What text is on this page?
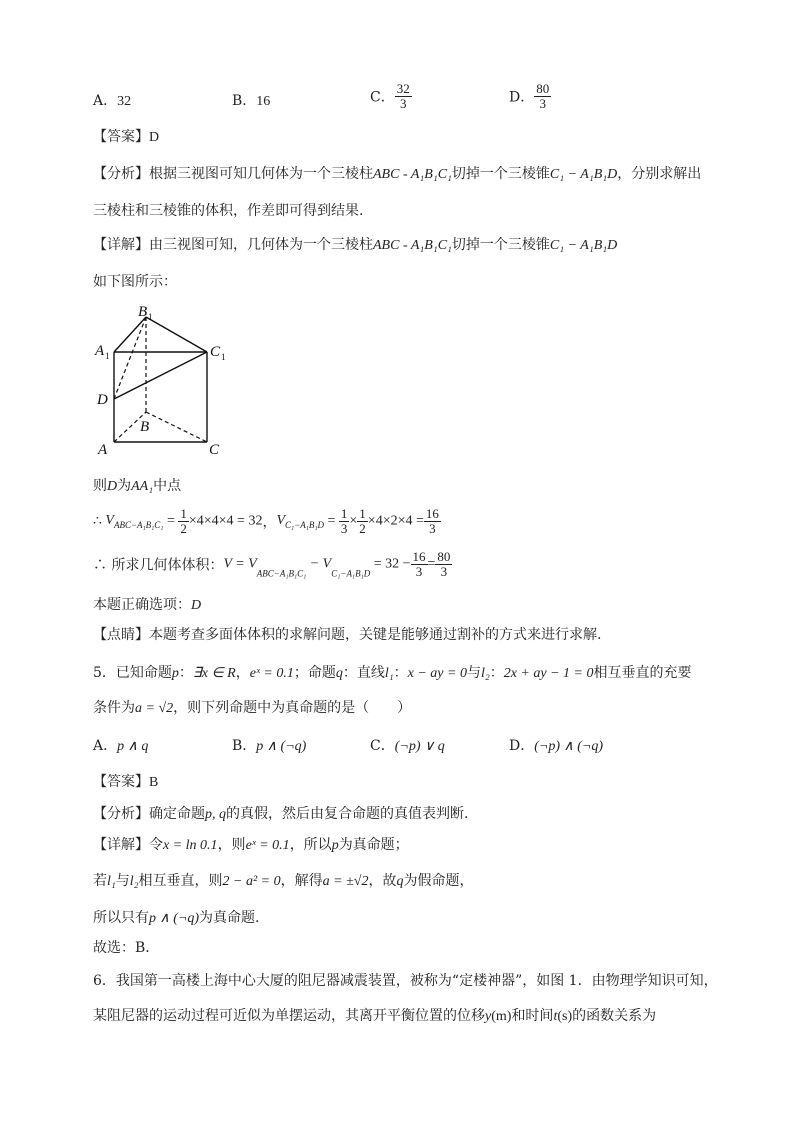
A．32	B．16	C． $\frac{32}{3}$	D． $\frac{80}{3}$
【答案】D
【分析】根据三视图可知几何体为一个三棱柱ABC - A₁B₁C₁切掉一个三棱锥C₁ − A₁B₁D，分别求解出
三棱柱和三棱锥的体积，作差即可得到结果.
【详解】由三视图可知，几何体为一个三棱柱ABC - A₁B₁C₁切掉一个三棱锥C₁ − A₁B₁D
如下图所示：
B 1
A 1	C 1
D
B
A	C
则D为AA₁中点
∴ $V_{ABC-A_1B_1C_1} = \frac{1}{2} \times 4\times 4\times 4 = 32$，$V_{C_1-A_1B_1D} = \frac{1}{3} \times \frac{1}{2} \times 4\times 2\times 4 = \frac{16}{3}$
∴ 所求几何体体积：$V = V_{ABC-A_1B_1C_1} - V_{C_1-A_1B_1D} = 32 - \frac{16}{3} = \frac{80}{3}$
本题正确选项：D
【点睛】本题考查多面体体积的求解问题，关键是能够通过割补的方式来进行求解.
5．已知命题p：∃x ∈ R，eˣ = 0.1；命题q：直线l₁：x − ay = 0与l₂：2x + ay − 1 = 0相互垂直的充要
条件为a = √2，则下列命题中为真命题的是（　　）
A．p ∧ q	B．p ∧ (¬q)	C．(¬p) ∨ q	D．(¬p) ∧ (¬q)
【答案】B
【分析】确定命题p, q的真假，然后由复合命题的真值表判断.
【详解】令x = ln 0.1，则eˣ = 0.1，所以p为真命题；
若l₁与l₂相互垂直，则2 − a² = 0，解得a = ±√2，故q为假命题，
所以只有p ∧ (¬q)为真命题.
故选：B．
6．我国第一高楼上海中心大厦的阻尼器减震装置，被称为“定楼神器”，如图 1．由物理学知识可知，
某阻尼器的运动过程可近似为单摆运动，其离开平衡位置的位移y(m)和时间t(s)的函数关系为
